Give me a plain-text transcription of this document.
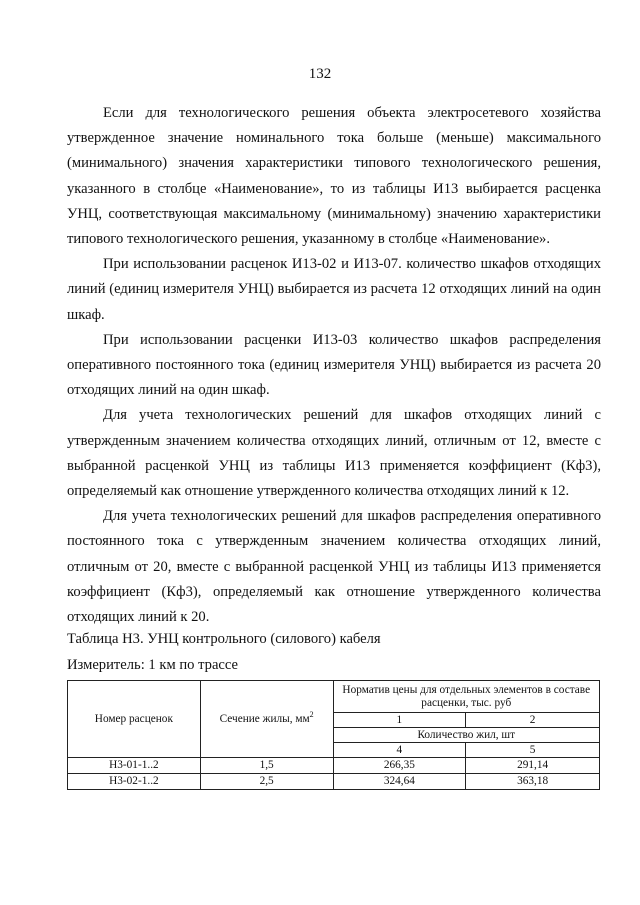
132

Если для технологического решения объекта электросетевого хозяйства утвержденное значение номинального тока больше (меньше) максимального (минимального) значения характеристики типового технологического решения, указанного в столбце «Наименование», то из таблицы И13 выбирается расценка УНЦ, соответствующая максимальному (минимальному) значению характеристики типового технологического решения, указанному в столбце «Наименование».

При использовании расценок И13-02 и И13-07. количество шкафов отходящих линий (единиц измерителя УНЦ) выбирается из расчета 12 отходящих линий на один шкаф.

При использовании расценки И13-03 количество шкафов распределения оперативного постоянного тока (единиц измерителя УНЦ) выбирается из расчета 20 отходящих линий на один шкаф.

Для учета технологических решений для шкафов отходящих линий с утвержденным значением количества отходящих линий, отличным от 12, вместе с выбранной расценкой УНЦ из таблицы И13 применяется коэффициент (Кф3), определяемый как отношение утвержденного количества отходящих линий к 12.

Для учета технологических решений для шкафов распределения оперативного постоянного тока с утвержденным значением количества отходящих линий, отличным от 20, вместе с выбранной расценкой УНЦ из таблицы И13 применяется коэффициент (Кф3), определяемый как отношение утвержденного количества отходящих линий к 20.

Таблица Н3. УНЦ контрольного (силового) кабеля
Измеритель: 1 км по трассе
Номер расценок	Сечение жилы, $мм^2$	Норматив цены для отдельных элементов в составе расценки, тыс. руб	
		1	2
		Количество жил, шт	
		4	5
Н3-01-1..2	1,5	266,35	291,14
Н3-02-1..2	2,5	324,64	363,18
